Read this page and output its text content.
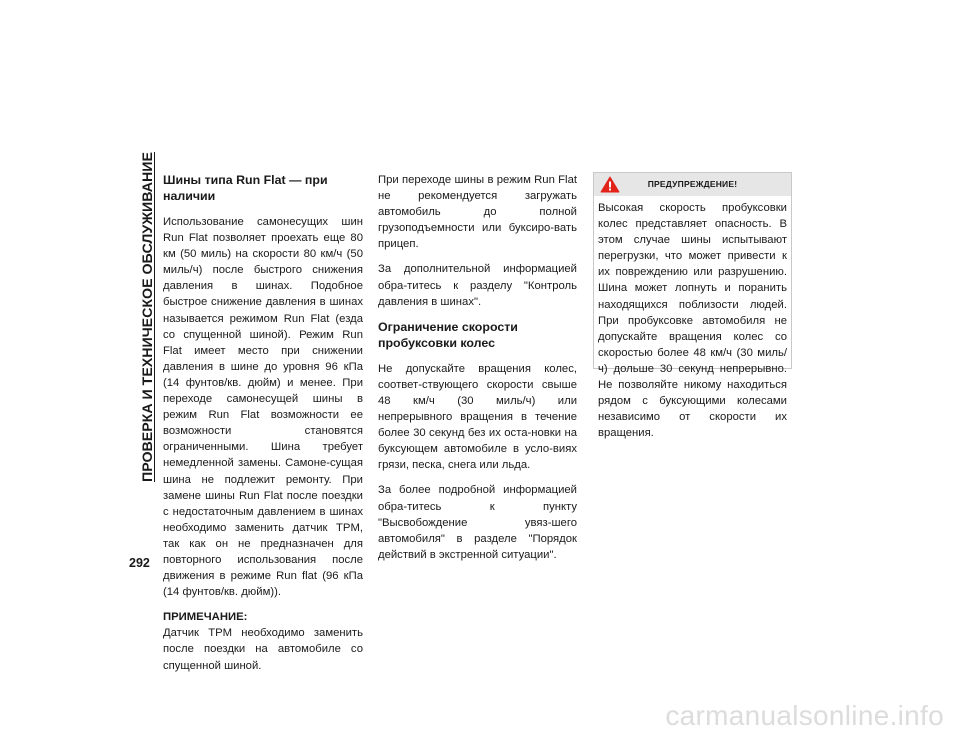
ПРОВЕРКА И ТЕХНИЧЕСКОЕ ОБСЛУЖИВАНИЕ
292
Шины типа Run Flat — при наличии

Использование самонесущих шин Run Flat позволяет проехать еще 80 км (50 миль) на скорости 80 км/ч (50 миль/ч) после быстрого снижения давления в шинах. Подобное быстрое снижение давления в шинах называется режимом Run Flat (езда со спущенной шиной). Режим Run Flat имеет место при снижении давления в шине до уровня 96 кПа (14 фунтов/кв. дюйм) и менее. При переходе самонесущей шины в режим Run Flat возможности ее возможности становятся ограниченными. Шина требует немедленной замены. Самоне-сущая шина не подлежит ремонту. При замене шины Run Flat после поездки с недостаточным давлением в шинах необходимо заменить датчик TPM, так как он не предназначен для повторного использования после движения в режиме Run flat (96 кПа (14 фунтов/кв. дюйм)).

ПРИМЕЧАНИЕ:

Датчик TPM необходимо заменить после поездки на автомобиле со спущенной шиной.

При переходе шины в режим Run Flat не рекомендуется загружать автомобиль до полной грузоподъемности или буксиро-вать прицеп.

За дополнительной информацией обра-титесь к разделу "Контроль давления в шинах".

Ограничение скорости пробуксовки колес

Не допускайте вращения колес, соответ-ствующего скорости свыше 48 км/ч (30 миль/ч) или непрерывного вращения в течение более 30 секунд без их оста-новки на буксующем автомобиле в усло-виях грязи, песка, снега или льда.

За более подробной информацией обра-титесь к пункту "Высвобождение увяз-шего автомобиля" в разделе "Порядок действий в экстренной ситуации".

ПРЕДУПРЕЖДЕНИЕ!
Высокая скорость пробуксовки колес представляет опасность. В этом случае шины испытывают перегрузки, что может привести к их повреждению или разрушению. Шина может лопнуть и поранить находящихся поблизости людей. При пробуксовке автомобиля не допускайте вращения колес со скоростью более 48 км/ч (30 миль/ч) дольше 30 секунд непрерывно. Не позволяйте никому находиться рядом с буксующими колесами независимо от скорости их вращения.
carmanualsonline.info
